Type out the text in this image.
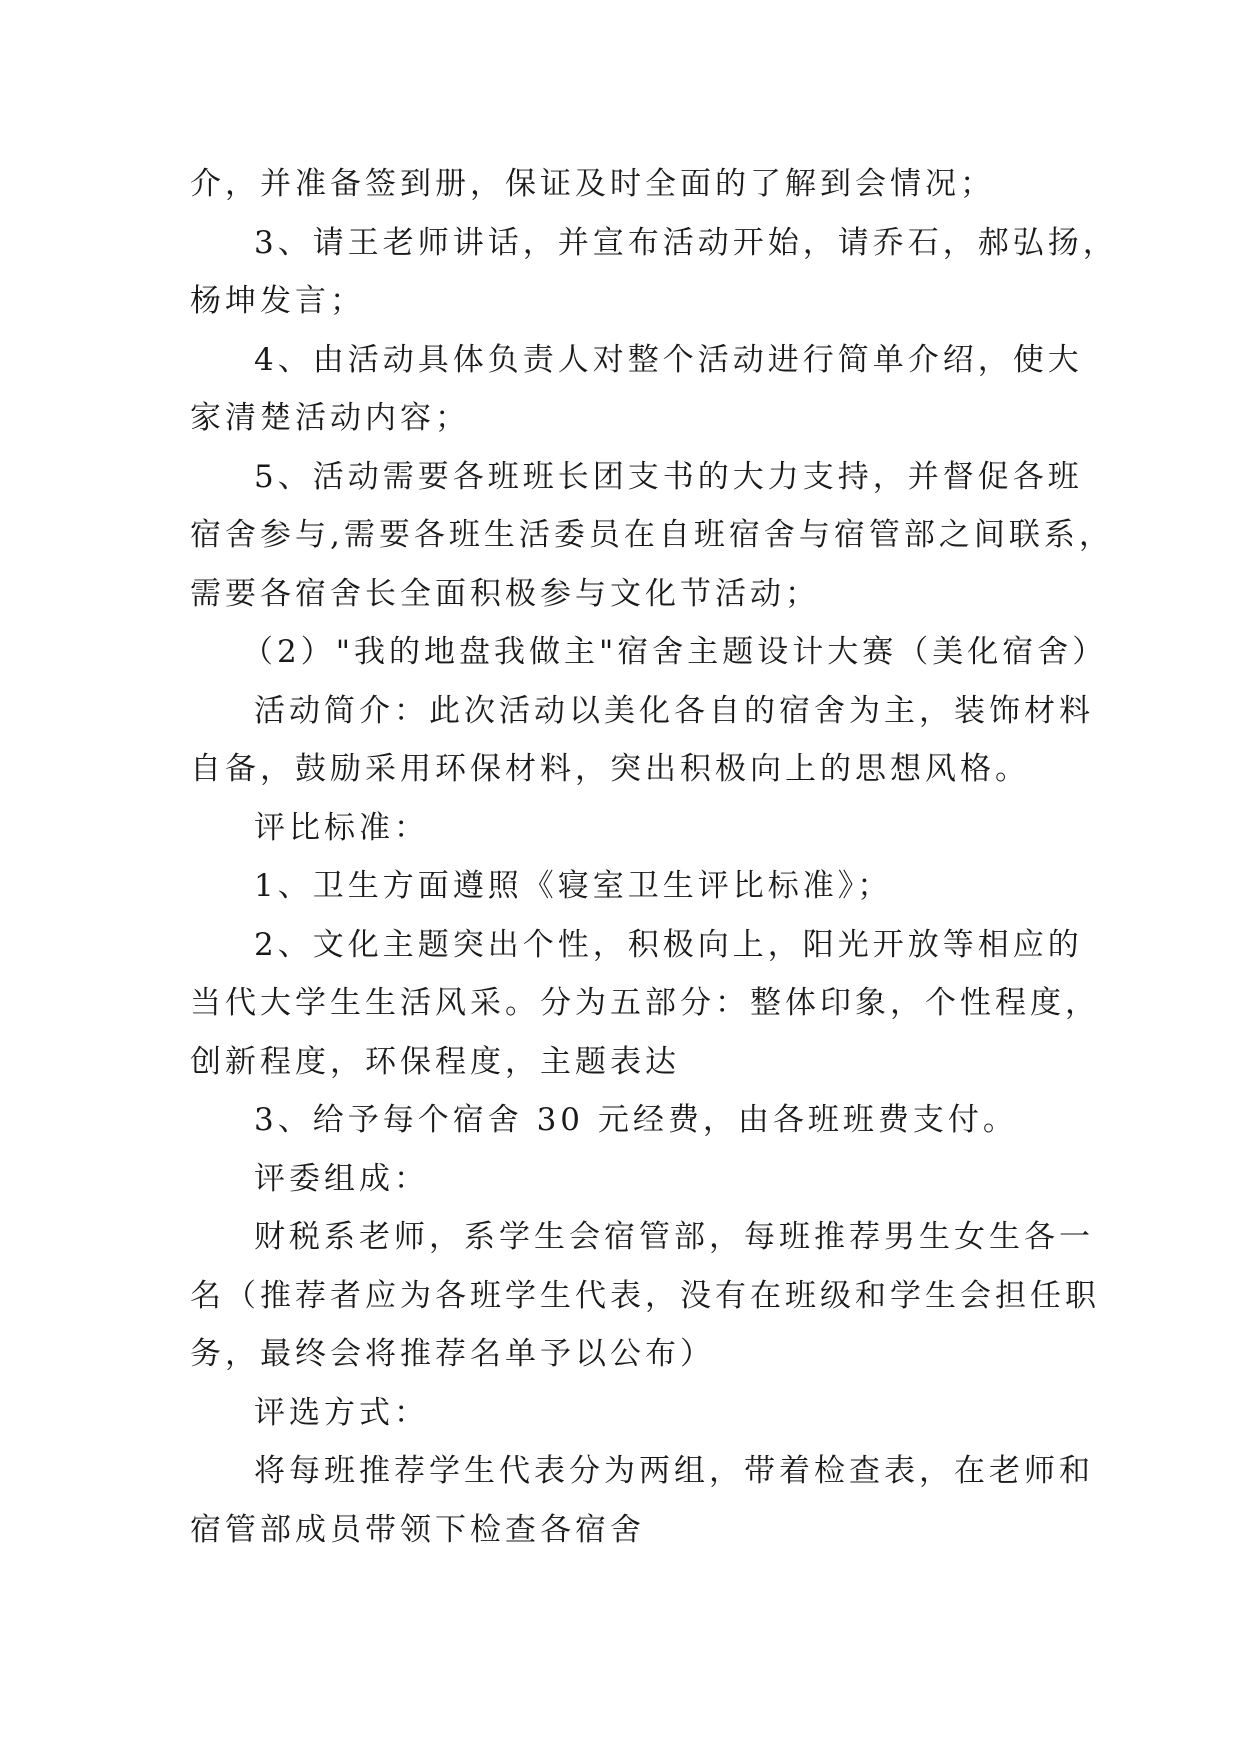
介，并准备签到册，保证及时全面的了解到会情况；
3、请王老师讲话，并宣布活动开始，请乔石，郝弘扬，
杨坤发言；
4、由活动具体负责人对整个活动进行简单介绍，使大
家清楚活动内容；
5、活动需要各班班长团支书的大力支持，并督促各班
宿舍参与,需要各班生活委员在自班宿舍与宿管部之间联系，
需要各宿舍长全面积极参与文化节活动；
（2）"我的地盘我做主"宿舍主题设计大赛（美化宿舍）
活动简介：此次活动以美化各自的宿舍为主，装饰材料
自备，鼓励采用环保材料，突出积极向上的思想风格。
评比标准：
1、卫生方面遵照《寝室卫生评比标准》；
2、文化主题突出个性，积极向上，阳光开放等相应的
当代大学生生活风采。分为五部分：整体印象，个性程度，
创新程度，环保程度，主题表达
3、给予每个宿舍 30 元经费，由各班班费支付。
评委组成：
财税系老师，系学生会宿管部，每班推荐男生女生各一
名（推荐者应为各班学生代表，没有在班级和学生会担任职
务，最终会将推荐名单予以公布）
评选方式：
将每班推荐学生代表分为两组，带着检查表，在老师和
宿管部成员带领下检查各宿舍
